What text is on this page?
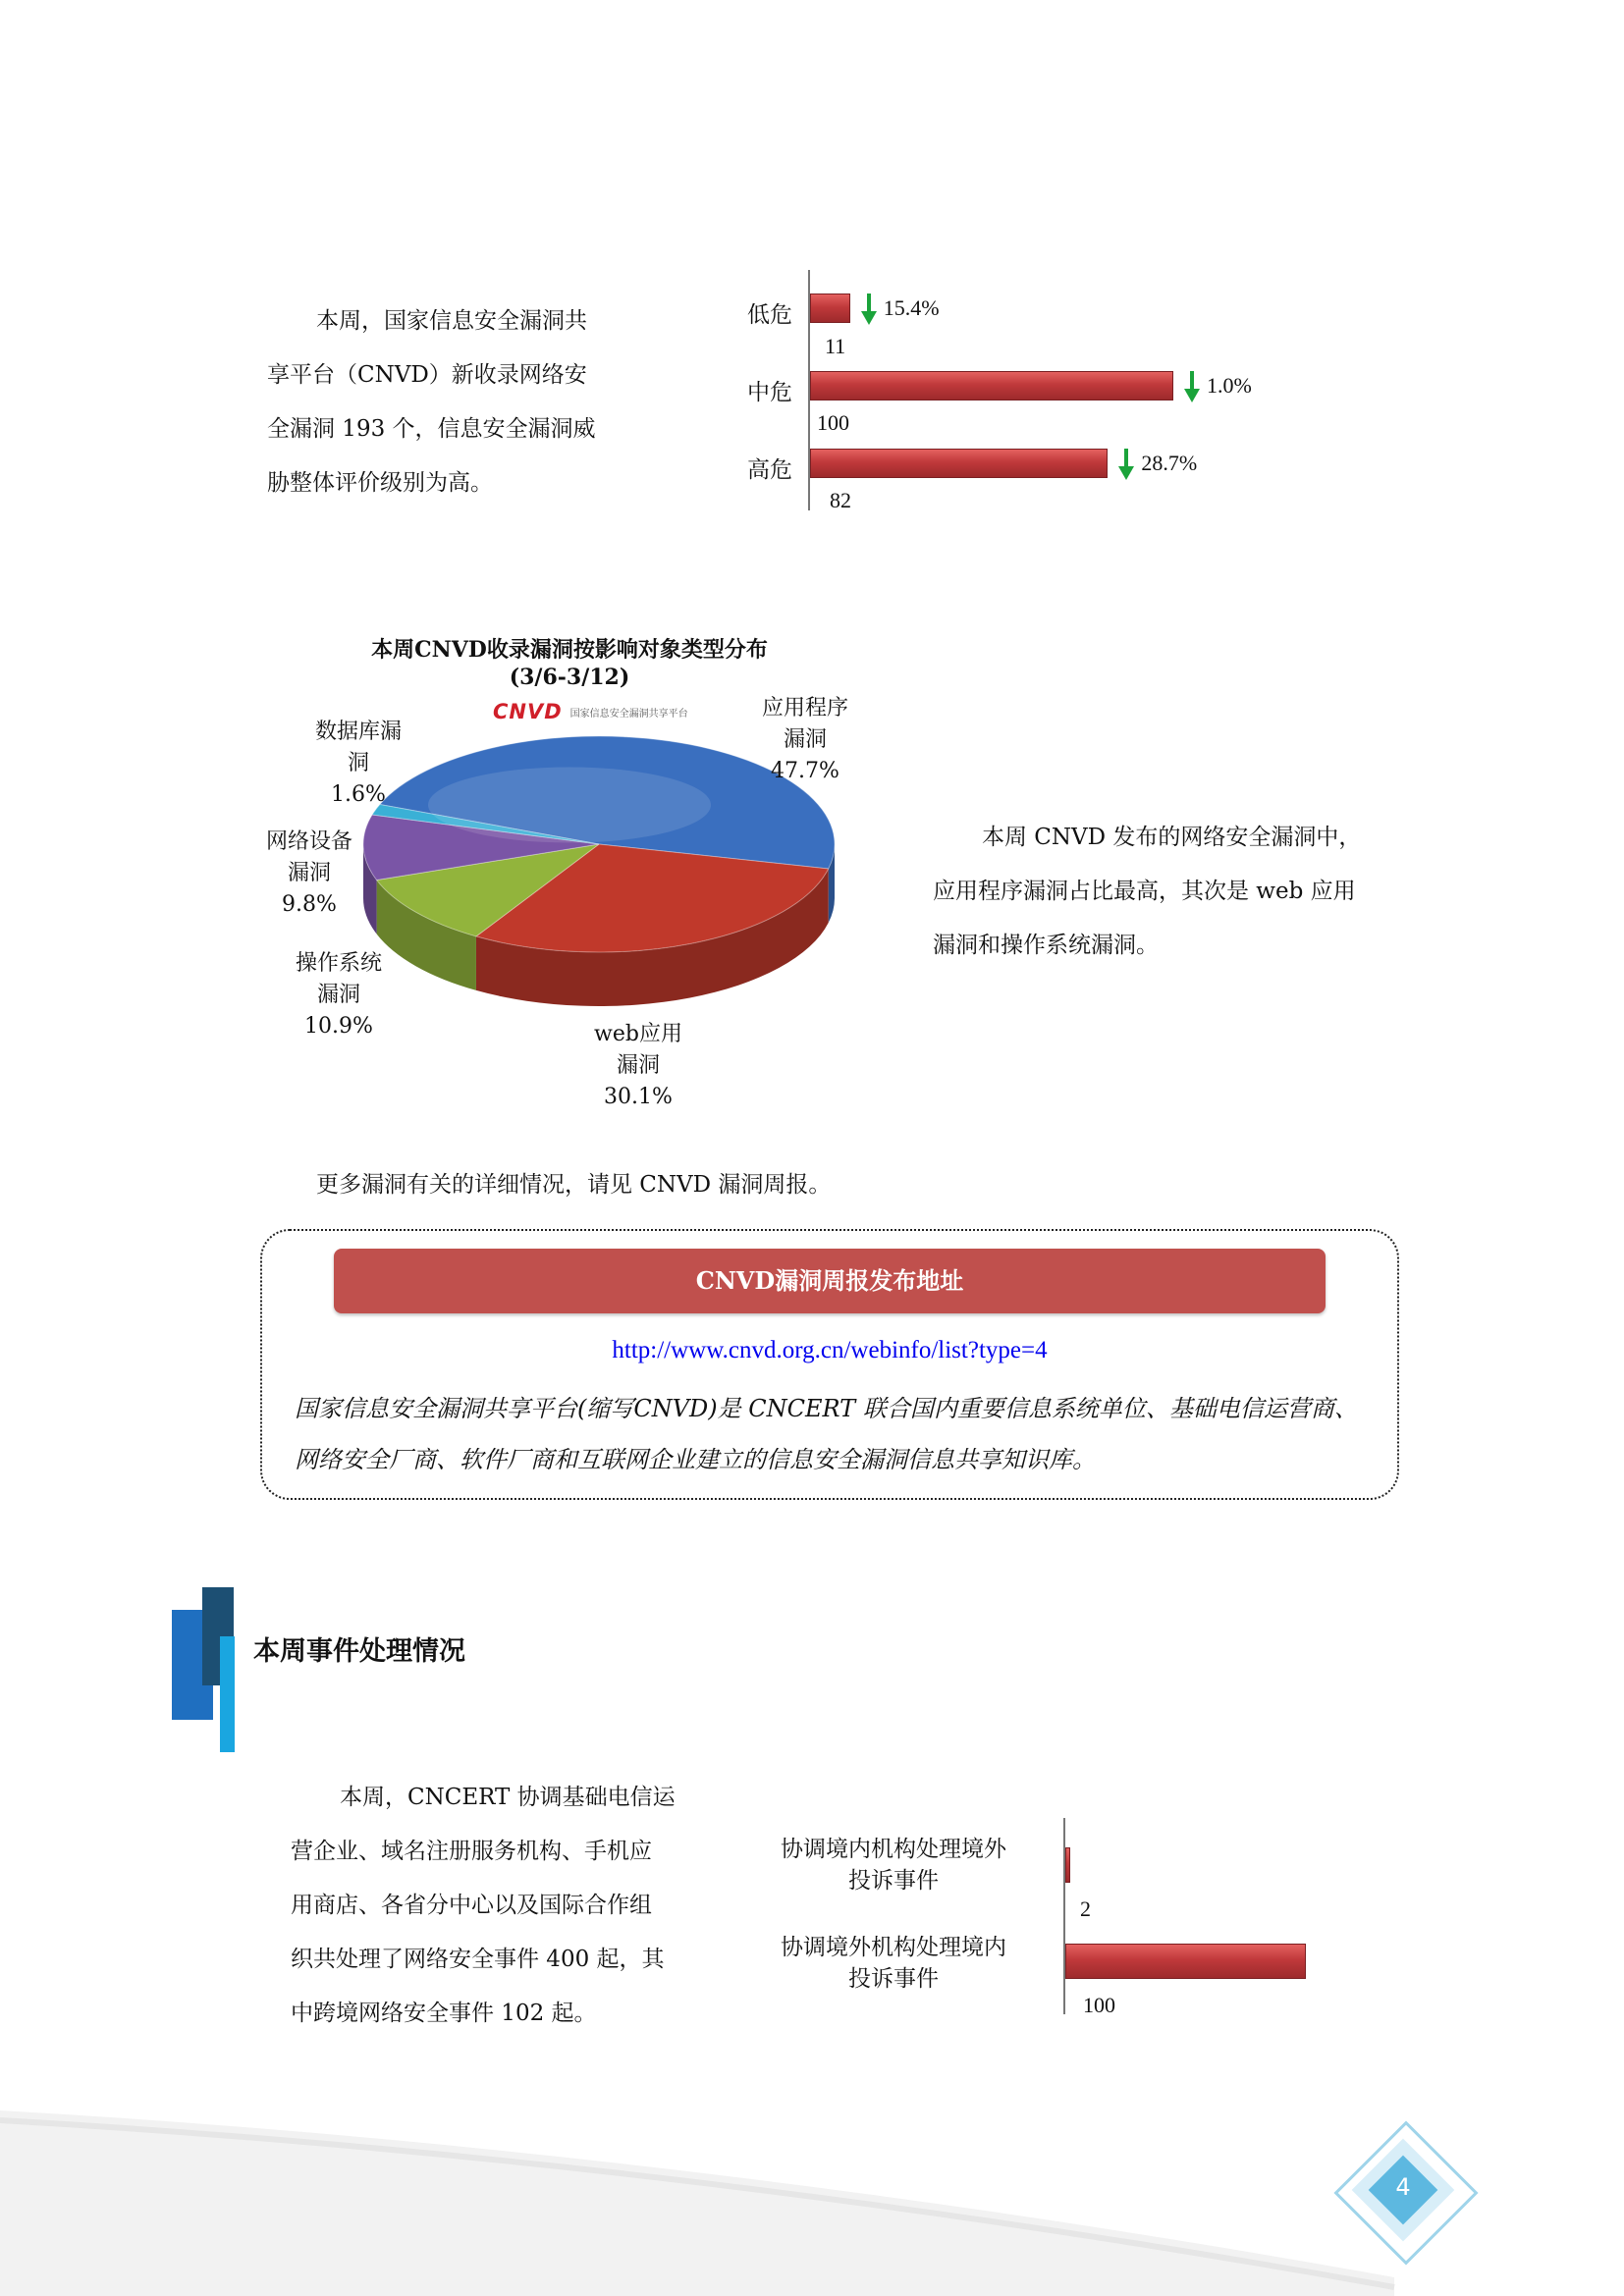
本周，国家信息安全漏洞共
享平台（CNVD）新收录网络安
全漏洞 193 个，信息安全漏洞威
胁整体评价级别为高。
低危
中危
高危
15.4%
1.0%
28.7%
11
100
82
本周CNVD收录漏洞按影响对象类型分布
(3/6-3/12)
CNVD 国家信息安全漏洞共享平台	应用程序
漏洞
47.7%
数据库漏
洞
1.6%
网络设备
漏洞
9.8%
操作系统
漏洞
10.9%	web应用
漏洞
30.1%
本周 CNVD 发布的网络安全漏洞中，
应用程序漏洞占比最高，其次是 web 应用
漏洞和操作系统漏洞。
更多漏洞有关的详细情况，请见 CNVD 漏洞周报。
CNVD漏洞周报发布地址
http://www.cnvd.org.cn/webinfo/list?type=4
国家信息安全漏洞共享平台(缩写CNVD)是 CNCERT 联合国内重要信息系统单位、基础电信运营商、
网络安全厂商、软件厂商和互联网企业建立的信息安全漏洞信息共享知识库。
本周事件处理情况
本周，CNCERT 协调基础电信运
营企业、域名注册服务机构、手机应
用商店、各省分中心以及国际合作组
织共处理了网络安全事件 400 起，其
中跨境网络安全事件 102 起。
协调境内机构处理境外
投诉事件
协调境外机构处理境内
投诉事件
2
100
4
